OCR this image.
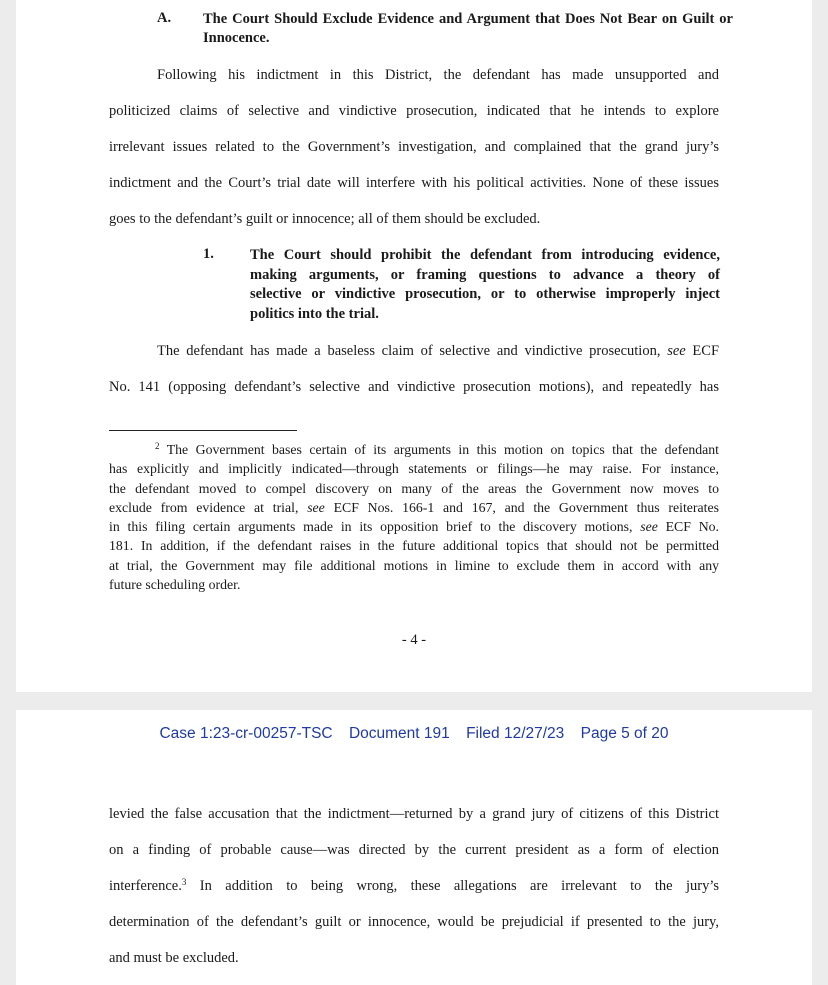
A. The Court Should Exclude Evidence and Argument that Does Not Bear on Guilt or Innocence.
Following his indictment in this District, the defendant has made unsupported and
politicized claims of selective and vindictive prosecution, indicated that he intends to explore
irrelevant issues related to the Government’s investigation, and complained that the grand jury’s
indictment and the Court’s trial date will interfere with his political activities. None of these issues
goes to the defendant’s guilt or innocence; all of them should be excluded.
1. The Court should prohibit the defendant from introducing evidence,
making arguments, or framing questions to advance a theory of
selective or vindictive prosecution, or to otherwise improperly inject
politics into the trial.
The defendant has made a baseless claim of selective and vindictive prosecution, see ECF
No. 141 (opposing defendant’s selective and vindictive prosecution motions), and repeatedly has
$^2$ The Government bases certain of its arguments in this motion on topics that the defendant
has explicitly and implicitly indicated—through statements or filings—he may raise. For instance,
the defendant moved to compel discovery on many of the areas the Government now moves to
exclude from evidence at trial, see ECF Nos. 166-1 and 167, and the Government thus reiterates
in this filing certain arguments made in its opposition brief to the discovery motions, see ECF No.
181. In addition, if the defendant raises in the future additional topics that should not be permitted
at trial, the Government may file additional motions in limine to exclude them in accord with any
future scheduling order.
- 4 -
Case 1:23-cr-00257-TSC Document 191 Filed 12/27/23 Page 5 of 20
levied the false accusation that the indictment—returned by a grand jury of citizens of this District
on a finding of probable cause—was directed by the current president as a form of election
interference.$^3$ In addition to being wrong, these allegations are irrelevant to the jury’s
determination of the defendant’s guilt or innocence, would be prejudicial if presented to the jury,
and must be excluded.
